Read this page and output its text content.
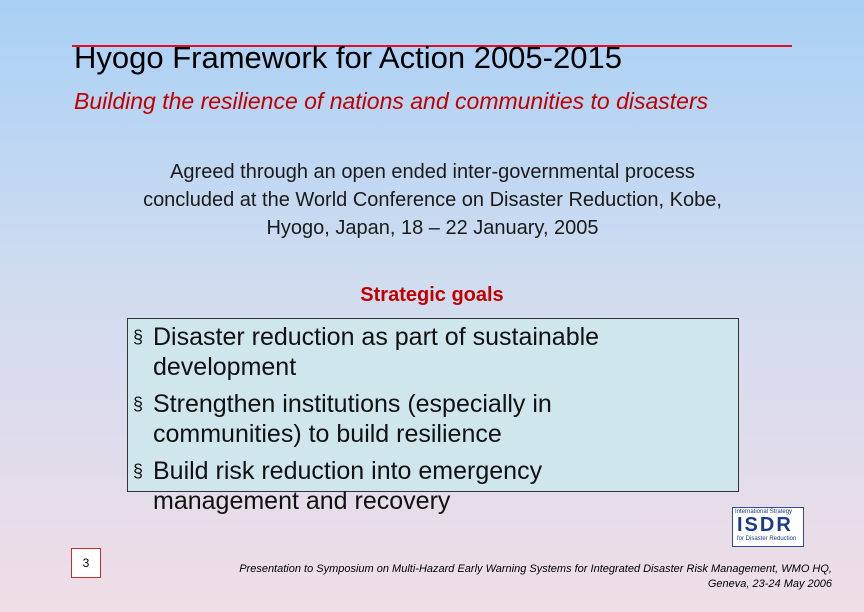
Hyogo Framework for Action 2005-2015
Building the resilience of nations and communities to disasters
Agreed through an open ended inter-governmental process concluded at the World Conference on Disaster Reduction, Kobe, Hyogo, Japan, 18 – 22 January, 2005
Strategic goals
§ Disaster reduction as part of sustainable development
§ Strengthen institutions (especially in communities) to build resilience
§ Build risk reduction into emergency management and recovery
3
International Strategy
ISDR
for Disaster Reduction
Presentation to Symposium on Multi-Hazard Early Warning Systems for Integrated Disaster Risk Management, WMO HQ,
Geneva, 23-24 May 2006
